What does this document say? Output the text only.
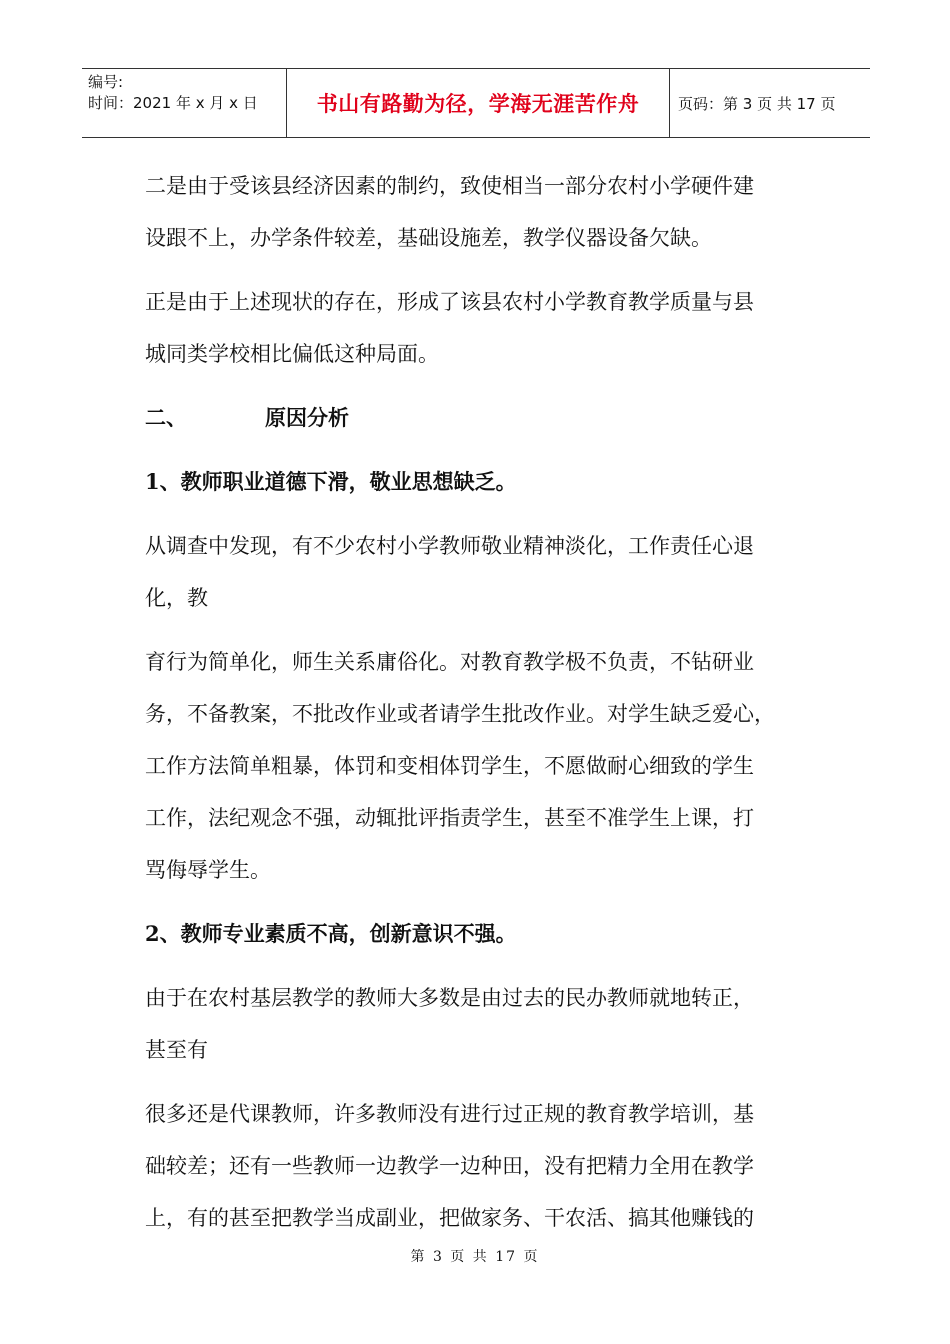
编号:
时间：2021 年 x 月 x 日	书山有路勤为径，学海无涯苦作舟	页码：第 3 页 共 17 页
二是由于受该县经济因素的制约，致使相当一部分农村小学硬件建
设跟不上，办学条件较差，基础设施差，教学仪器设备欠缺。
正是由于上述现状的存在，形成了该县农村小学教育教学质量与县
城同类学校相比偏低这种局面。
二、	原因分析
1、教师职业道德下滑，敬业思想缺乏。
从调查中发现，有不少农村小学教师敬业精神淡化，工作责任心退
化，教
育行为简单化，师生关系庸俗化。对教育教学极不负责，不钻研业
务，不备教案，不批改作业或者请学生批改作业。对学生缺乏爱心，
工作方法简单粗暴，体罚和变相体罚学生，不愿做耐心细致的学生
工作，法纪观念不强，动辄批评指责学生，甚至不准学生上课，打
骂侮辱学生。
2、教师专业素质不高，创新意识不强。
由于在农村基层教学的教师大多数是由过去的民办教师就地转正，
甚至有
很多还是代课教师，许多教师没有进行过正规的教育教学培训，基
础较差；还有一些教师一边教学一边种田，没有把精力全用在教学
上，有的甚至把教学当成副业，把做家务、干农活、搞其他赚钱的
第 3 页 共 17 页
